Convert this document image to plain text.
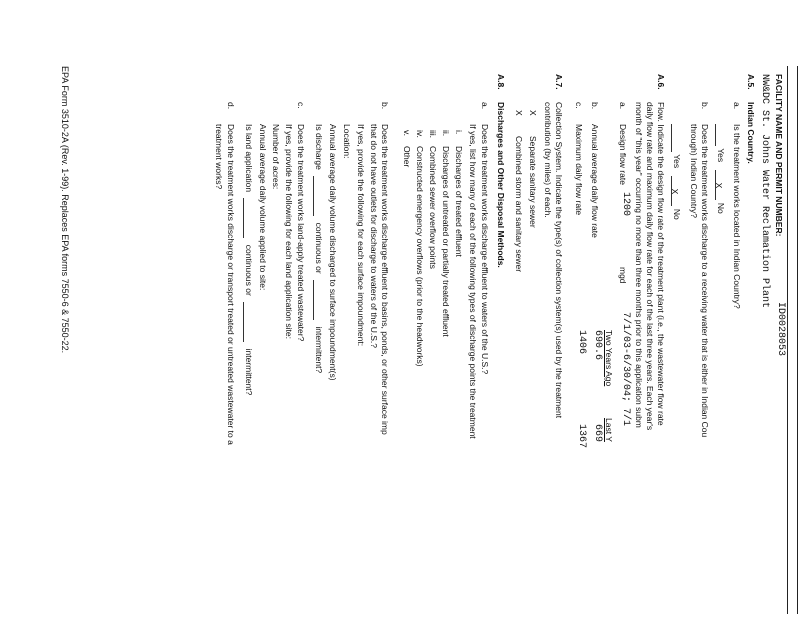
FACILITY NAME AND PERMIT NUMBER:
ID0028053
NW&DC St. Johns Water Reclamation Plant
A.5.
Indian Country.
a.
Is the treatment works located in Indian Country?
Yes X No
b.
Does the treatment works discharge to a receiving water that is either in Indian Cou
through) Indian Country?
Yes X No
A.6.
Flow. Indicate the design flow rate of the treatment plant (i.e., the wastewater flow rate
daily flow rate and maximum daily flow rate for each of the last three years. Each year's
month of "this year" occurring no more than three months prior to this application subm
a.
Design flow rate
1200
mgd
7/1/03-6/30/04; 7/1
Two Years Ago
Last Y
b.
Annual average daily flow rate
690.6
669
c.
Maximum daily flow rate
1406
1367
A.7.
Collection System. Indicate the type(s) of collection system(s) used by the treatment
contribution (by miles) of each.
X
Separate sanitary sewer
X
Combined storm and sanitary sewer
A.8.
Discharges and Other Disposal Methods.
a.
Does the treatment works discharge effluent to waters of the U.S.?
If yes, list how many of each of the following types of discharge points the treatment
i.
Discharges of treated effluent
ii.
Discharges of untreated or partially treated effluent
iii.
Combined sewer overflow points
iv.
Constructed emergency overflows (prior to the headworks)
v.
Other
b.
Does the treatment works discharge effluent to basins, ponds, or other surface imp
that do not have outlets for discharge to waters of the U.S.?
If yes, provide the following for each surface impoundment:
Location:
Annual average daily volume discharged to surface impoundment(s)
Is discharge  continuous or  intermittent?
c.
Does the treatment works land-apply treated wastewater?
If yes, provide the following for each land application site:
Number of acres:
Annual average daily volume applied to site:
Is land application  continuous or  intermittent?
d.
Does the treatment works discharge or transport treated or untreated wastewater to a
treatment works?
EPA Form 3510-2A (Rev. 1-99). Replaces EPA forms 7550-6 & 7550-22.
